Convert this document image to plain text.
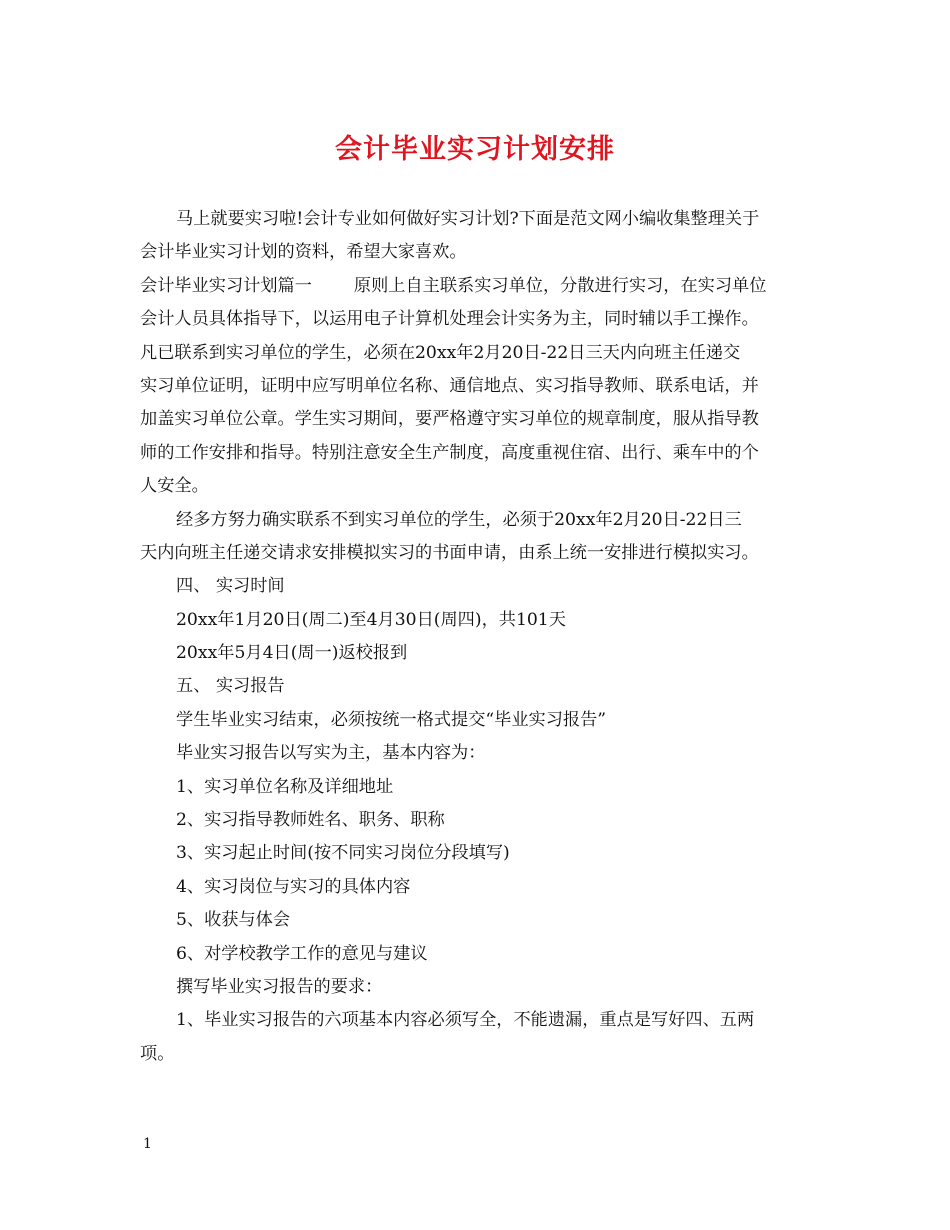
会计毕业实习计划安排
马上就要实习啦!会计专业如何做好实习计划?下面是范文网小编收集整理关于
会计毕业实习计划的资料，希望大家喜欢。
会计毕业实习计划篇一 原则上自主联系实习单位，分散进行实习，在实习单位
会计人员具体指导下，以运用电子计算机处理会计实务为主，同时辅以手工操作。
凡已联系到实习单位的学生，必须在20xx年2月20日-22日三天内向班主任递交
实习单位证明，证明中应写明单位名称、通信地点、实习指导教师、联系电话，并
加盖实习单位公章。学生实习期间，要严格遵守实习单位的规章制度，服从指导教
师的工作安排和指导。特别注意安全生产制度，高度重视住宿、出行、乘车中的个
人安全。
经多方努力确实联系不到实习单位的学生，必须于20xx年2月20日-22日三
天内向班主任递交请求安排模拟实习的书面申请，由系上统一安排进行模拟实习。
四、 实习时间
20xx年1月20日(周二)至4月30日(周四)，共101天
20xx年5月4日(周一)返校报到
五、 实习报告
学生毕业实习结束，必须按统一格式提交“毕业实习报告”
毕业实习报告以写实为主，基本内容为：
1、实习单位名称及详细地址
2、实习指导教师姓名、职务、职称
3、实习起止时间(按不同实习岗位分段填写)
4、实习岗位与实习的具体内容
5、收获与体会
6、对学校教学工作的意见与建议
撰写毕业实习报告的要求：
1、毕业实习报告的六项基本内容必须写全，不能遗漏，重点是写好四、五两
项。
1
